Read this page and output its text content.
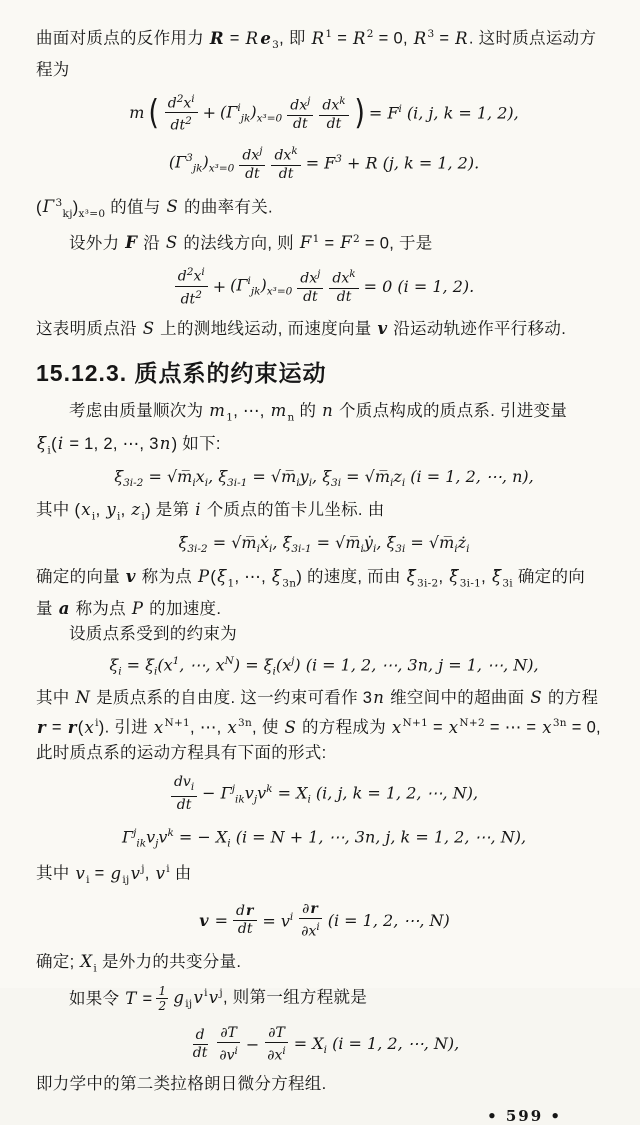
曲面对质点的反作用力 R = R $e_3$, 即 $R^1 = R^2 = 0$, $R^3 = R$. 这时质点运动方
程为
m ( $\frac{d^2x^i}{dt^2} + (\Gamma^i_{jk})_{x^3=0} \frac{dx^j}{dt} \frac{dx^k}{dt}$ ) = $F^i$ (i, j, k = 1, 2),
$(\Gamma^3_{jk})_{x^3=0} \frac{dx^j}{dt} \frac{dx^k}{dt} = F^3 + R$ (j, k = 1, 2).
$(\Gamma^3_{kj})_{x^3=0}$ 的值与 S 的曲率有关.
设外力 F 沿 S 的法线方向, 则 $F^1 = F^2 = 0$, 于是
$\frac{d^2x^i}{dt^2} + (\Gamma^i_{jk})_{x^3=0} \frac{dx^j}{dt} \frac{dx^k}{dt} = 0$ (i = 1, 2).
这表明质点沿 S 上的测地线运动, 而速度向量 v 沿运动轨迹作平行移动.
15.12.3. 质点系的约束运动
考虑由质量顺次为 $m_1$, ⋯, $m_n$ 的 n 个质点构成的质点系. 引进变量
$\xi_i(i = 1$, 2, ⋯, 3n) 如下:
$\xi_{3i-2}$ = $√m̅_ix_i$, $\xi_{3i-1}$ = $√m̅_iy_i$, $\xi_{3i}$ = $√m̅_iz_i$ (i = 1, 2, ⋯, n),
其中 ($x_i$, $y_i$, $z_i$) 是第 i 个质点的笛卡儿坐标. 由
$\xi̇_{3i-2}$ = $√m̅_iẋ_i$, $\xi̇_{3i-1}$ = $√m̅_iẏ_i$, $\xi̇_{3i}$ = $√m̅_iż_i$
确定的向量 v 称为点 $P(\xi_1$, ⋯, $\xi_{3n}$) 的速度, 而由 $\xï_{3i-2}$, $\xï_{3i-1}$, $\xï_{3i}$ 确定的向
量 a 称为点 P 的加速度.
设质点系受到的约束为
$\xi_i = \xi_i(x^1$, ⋯, $x^N) = \xi_i(x^j)$ (i = 1, 2, ⋯, 3n, j = 1, ⋯, N),
其中 N 是质点系的自由度. 这一约束可看作 3n 维空间中的超曲面 S 的方程
$r = r(x^i)$. 引进 $x^{N+1}$, ⋯, $x^{3n}$, 使 S 的方程成为 $x^{N+1} = x^{N+2}$ = ⋯ = $x^{3n} = 0$,
此时质点系的运动方程具有下面的形式:
$\frac{dv_i}{dt} - \Gamma^j_{ik}v_jv^k = X_i$ (i, j, k = 1, 2, ⋯, N),
$\Gamma^j_{ik}v_jv^k$ = − $X_i$ (i = N + 1, ⋯, 3n, j, k = 1, 2, ⋯, N),
其中 $v_i = g_{ij}v^j$, $v^i$ 由
$v = \frac{dr}{dt} = v^i \frac{\partial r}{\partial x^i} (i = 1$, 2, ⋯, N)
确定; $X_i$ 是外力的共变分量.
如果令 $T = \frac{1}{2} g_{ij}v^iv^j$, 则第一组方程就是
$\frac{d}{dt} \frac{\partial T}{\partial v^i} - \frac{\partial T}{\partial x^i} = X_i$ (i = 1, 2, ⋯, N),
即力学中的第二类拉格朗日微分方程组.
• 599 •
